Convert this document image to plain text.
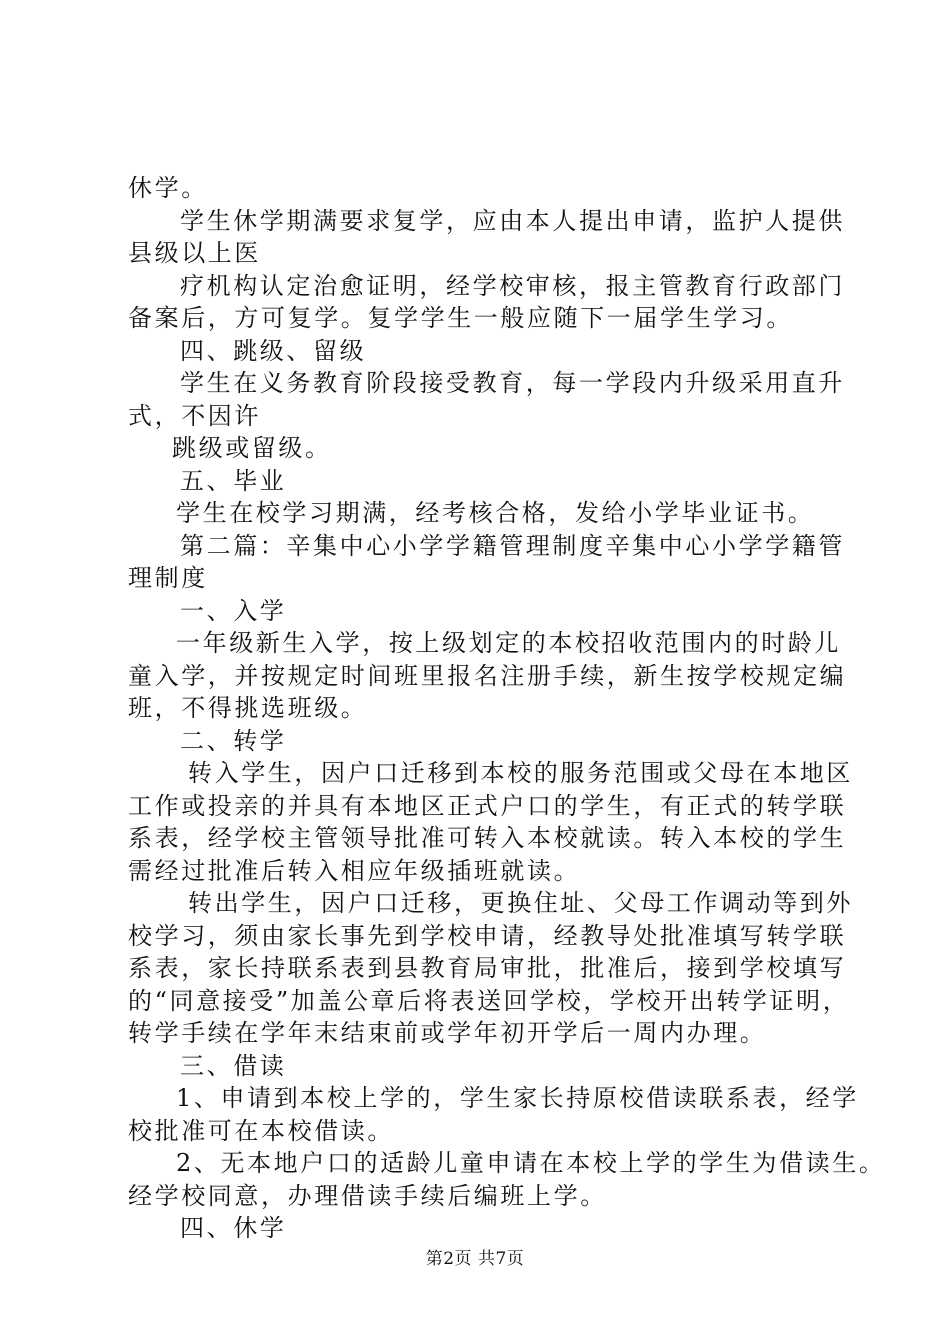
休学。
学生休学期满要求复学，应由本人提出申请，监护人提供
县级以上医
疗机构认定治愈证明，经学校审核，报主管教育行政部门
备案后，方可复学。复学学生一般应随下一届学生学习。
四、跳级、留级
学生在义务教育阶段接受教育，每一学段内升级采用直升
式，不因许
跳级或留级。
五、毕业
学生在校学习期满，经考核合格，发给小学毕业证书。
第二篇：辛集中心小学学籍管理制度辛集中心小学学籍管
理制度
一、入学
一年级新生入学，按上级划定的本校招收范围内的时龄儿
童入学，并按规定时间班里报名注册手续，新生按学校规定编
班，不得挑选班级。
二、转学
转入学生，因户口迁移到本校的服务范围或父母在本地区
工作或投亲的并具有本地区正式户口的学生，有正式的转学联
系表，经学校主管领导批准可转入本校就读。转入本校的学生
需经过批准后转入相应年级插班就读。
转出学生，因户口迁移，更换住址、父母工作调动等到外
校学习，须由家长事先到学校申请，经教导处批准填写转学联
系表，家长持联系表到县教育局审批，批准后，接到学校填写
的“同意接受”加盖公章后将表送回学校，学校开出转学证明，
转学手续在学年末结束前或学年初开学后一周内办理。
三、借读
1、申请到本校上学的，学生家长持原校借读联系表，经学
校批准可在本校借读。
2、无本地户口的适龄儿童申请在本校上学的学生为借读生。
经学校同意，办理借读手续后编班上学。
四、休学
第2页 共7页
